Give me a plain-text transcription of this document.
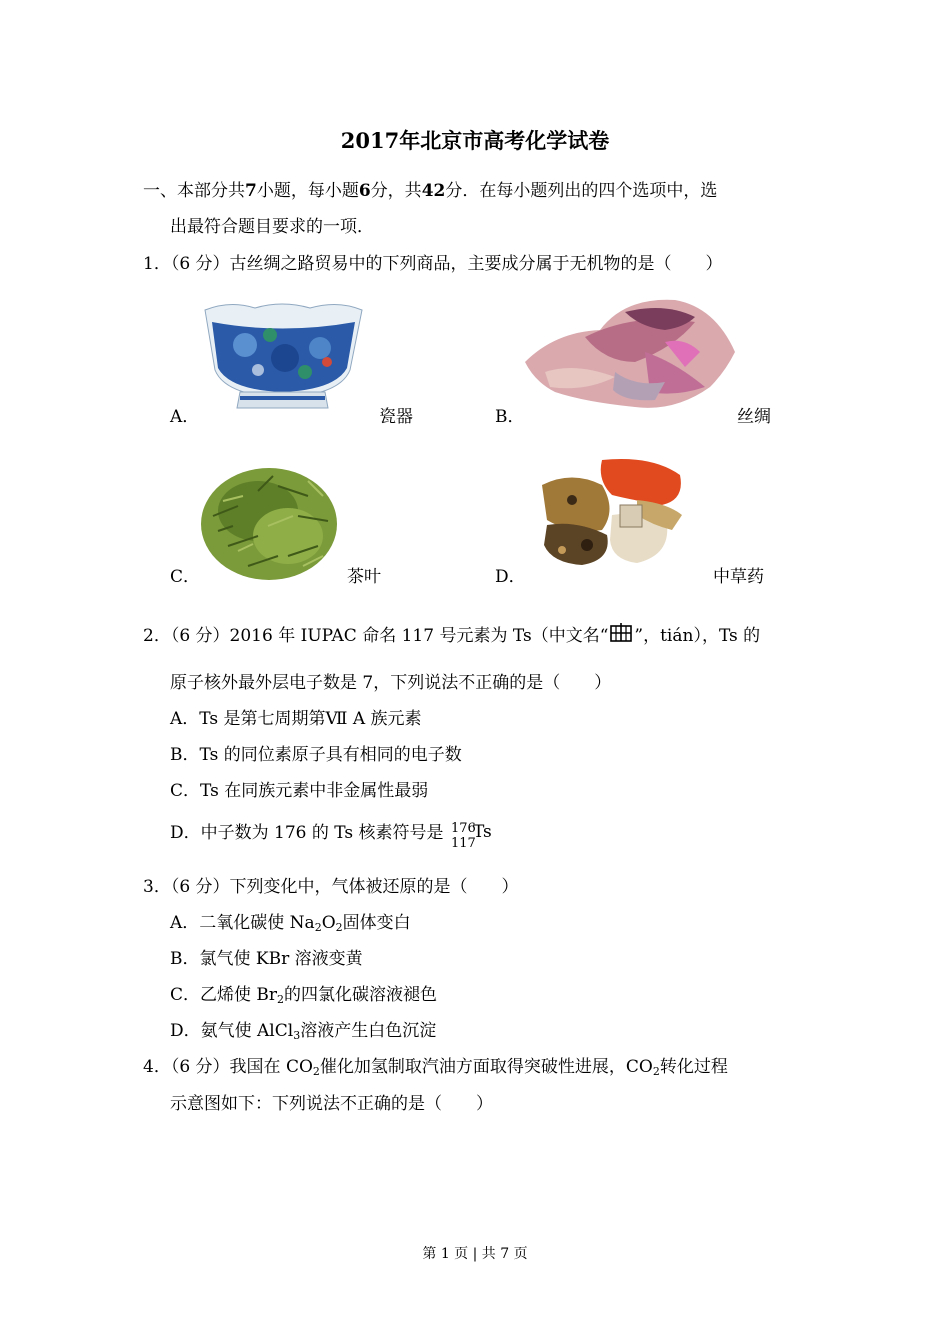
2017年北京市高考化学试卷
一、本部分共7小题，每小题6分，共42分．在每小题列出的四个选项中，选
出最符合题目要求的一项．
1．（6 分）古丝绸之路贸易中的下列商品，主要成分属于无机物的是（　　）
A．	瓷器	B．	丝绸
C．	茶叶	D．	中草药
2．（6 分）2016 年 IUPAC 命名 117 号元素为 Ts（中文名“ ”，tián），Ts 的
原子核外最外层电子数是 7，下列说法不正确的是（　　）
A．Ts 是第七周期第Ⅶ A 族元素
B．Ts 的同位素原子具有相同的电子数
C．Ts 在同族元素中非金属性最弱
D．中子数为 176 的 Ts 核素符号是 176
117
Ts
3．（6 分）下列变化中，气体被还原的是（　　）
A．二氧化碳使 $Na_2O_2$固体变白
B．氯气使 KBr 溶液变黄
C．乙烯使 $Br_2$的四氯化碳溶液褪色
D．氨气使 AlCl$_3$溶液产生白色沉淀
4．（6 分）我国在 $CO_2$催化加氢制取汽油方面取得突破性进展，$CO_2$转化过程
示意图如下：下列说法不正确的是（　　）
第 1 页 | 共 7 页
